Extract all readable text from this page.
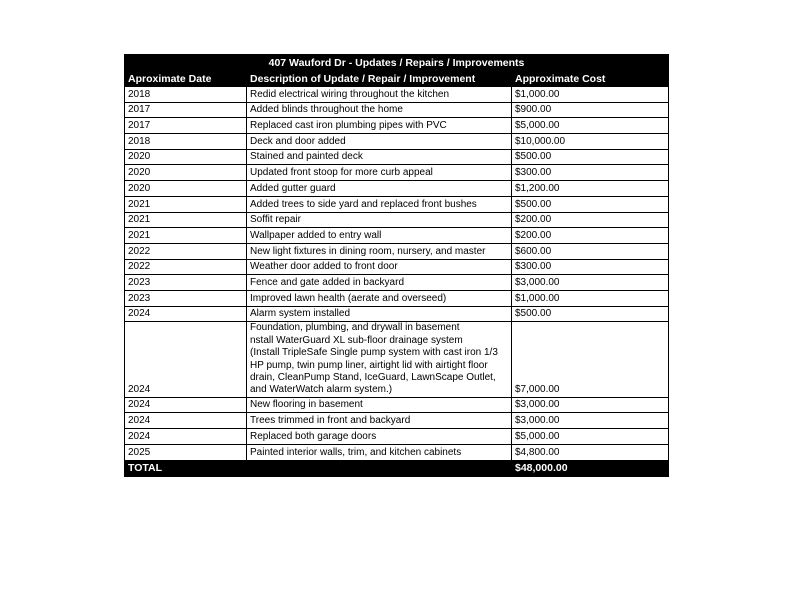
407 Wauford Dr - Updates / Repairs / Improvements		
Aproximate Date	Description of Update / Repair / Improvement	Approximate Cost
2018	Redid electrical wiring throughout the kitchen	$1,000.00
2017	Added blinds throughout the home	$900.00
2017	Replaced cast iron plumbing pipes with PVC	$5,000.00
2018	Deck and door added	$10,000.00
2020	Stained and painted deck	$500.00
2020	Updated front stoop for more curb appeal	$300.00
2020	Added gutter guard	$1,200.00
2021	Added trees to side yard and replaced front bushes	$500.00
2021	Soffit repair	$200.00
2021	Wallpaper added to entry wall	$200.00
2022	New light fixtures in dining room, nursery, and master	$600.00
2022	Weather door added to front door	$300.00
2023	Fence and gate added in backyard	$3,000.00
2023	Improved lawn health (aerate and overseed)	$1,000.00
2024	Alarm system installed	$500.00
2024	Foundation, plumbing, and drywall in basement
nstall WaterGuard XL sub-floor drainage system
(Install TripleSafe Single pump system with cast iron 1/3 HP pump, twin pump liner, airtight lid with airtight floor drain, CleanPump Stand, IceGuard, LawnScape Outlet, and WaterWatch alarm system.)	$7,000.00
2024	New flooring in basement	$3,000.00
2024	Trees trimmed in front and backyard	$3,000.00
2024	Replaced both garage doors	$5,000.00
2025	Painted interior walls, trim, and kitchen cabinets	$4,800.00
TOTAL		$48,000.00
